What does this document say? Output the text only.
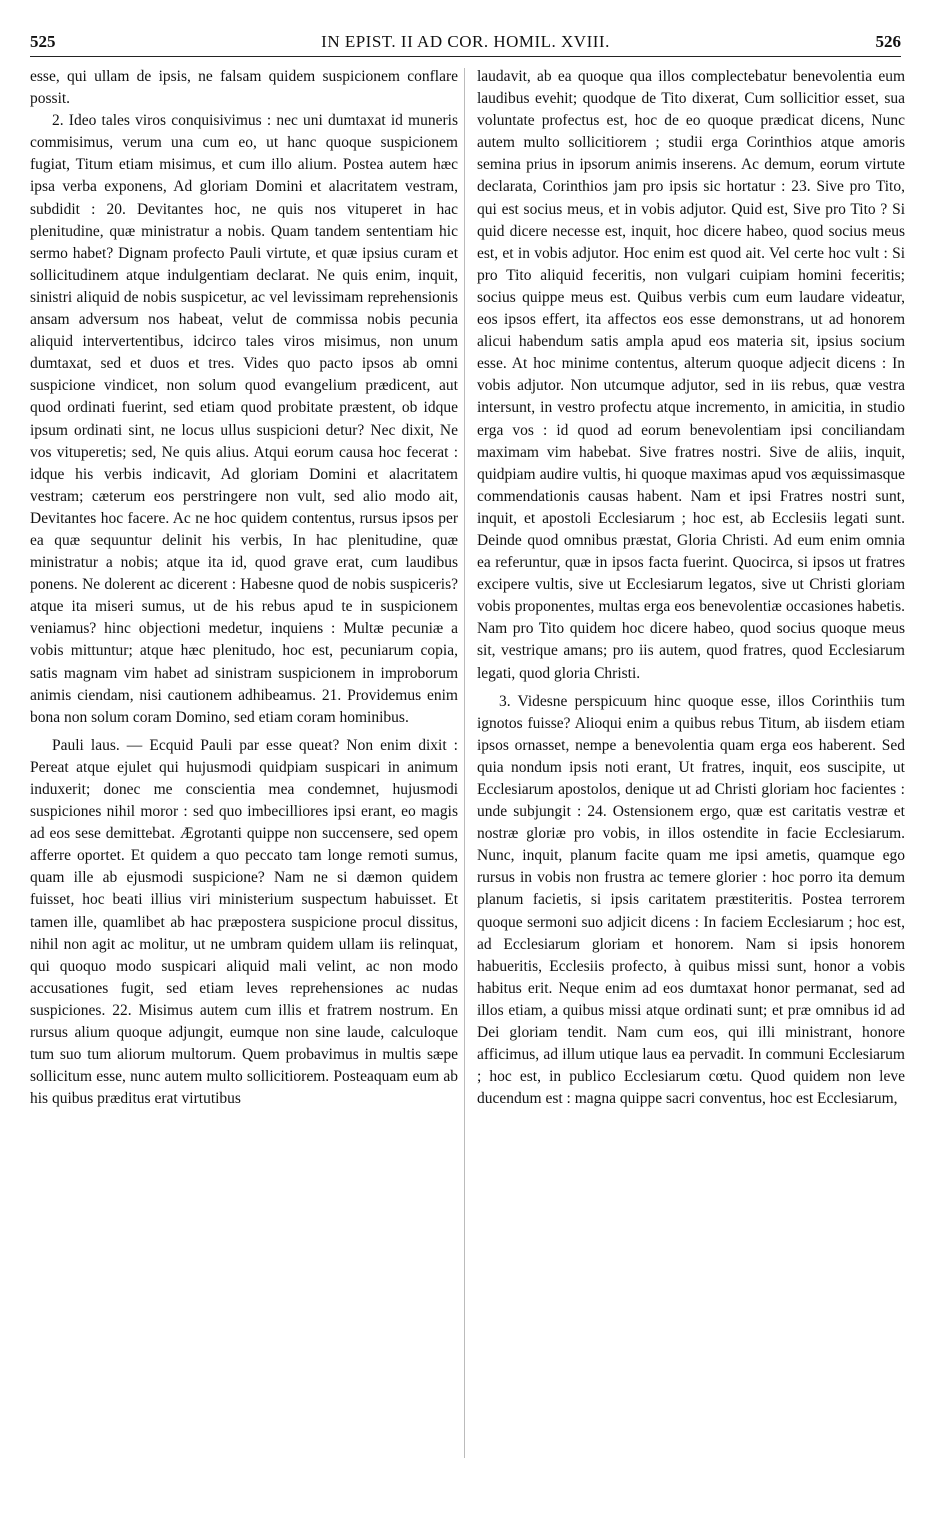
525	IN EPIST. II AD COR. HOMIL. XVIII.	526

esse, qui ullam de ipsis, ne falsam quidem suspicionem conflare possit.

2. Ideo tales viros conquisivimus : nec uni dumtaxat id muneris commisimus, verum una cum eo, ut hanc quoque suspicionem fugiat, Titum etiam misimus, et cum illo alium. Postea autem hæc ipsa verba exponens, Ad gloriam Domini et alacritatem vestram, subdidit : 20. Devitantes hoc, ne quis nos vituperet in hac plenitudine, quæ ministratur a nobis. Quam tandem sententiam hic sermo habet? Dignam profecto Pauli virtute, et quæ ipsius curam et sollicitudinem atque indulgentiam declarat. Ne quis enim, inquit, sinistri aliquid de nobis suspicetur, ac vel levissimam reprehensionis ansam adversum nos habeat, velut de commissa nobis pecunia aliquid intervertentibus, idcirco tales viros misimus, non unum dumtaxat, sed et duos et tres. Vides quo pacto ipsos ab omni suspicione vindicet, non solum quod evangelium prædicent, aut quod ordinati fuerint, sed etiam quod probitate præstent, ob idque ipsum ordinati sint, ne locus ullus suspicioni detur? Nec dixit, Ne vos vituperetis; sed, Ne quis alius. Atqui eorum causa hoc fecerat : idque his verbis indicavit, Ad gloriam Domini et alacritatem vestram; cæterum eos perstringere non vult, sed alio modo ait, Devitantes hoc facere. Ac ne hoc quidem contentus, rursus ipsos per ea quæ sequuntur delinit his verbis, In hac plenitudine, quæ ministratur a nobis; atque ita id, quod grave erat, cum laudibus ponens. Ne dolerent ac dicerent : Habesne quod de nobis suspiceris? atque ita miseri sumus, ut de his rebus apud te in suspicionem veniamus? hinc objectioni medetur, inquiens : Multæ pecuniæ a vobis mittuntur; atque hæc plenitudo, hoc est, pecuniarum copia, satis magnam vim habet ad sinistram suspicionem in improborum animis ciendam, nisi cautionem adhibeamus. 21. Providemus enim bona non solum coram Domino, sed etiam coram hominibus.

Pauli laus. — Ecquid Pauli par esse queat? Non enim dixit : Pereat atque ejulet qui hujusmodi quidpiam suspicari in animum induxerit; donec me conscientia mea condemnet, hujusmodi suspiciones nihil moror : sed quo imbecilliores ipsi erant, eo magis ad eos sese demittebat. Ægrotanti quippe non succensere, sed opem afferre oportet. Et quidem a quo peccato tam longe remoti sumus, quam ille ab ejusmodi suspicione? Nam ne si dæmon quidem fuisset, hoc beati illius viri ministerium suspectum habuisset. Et tamen ille, quamlibet ab hac præpostera suspicione procul dissitus, nihil non agit ac molitur, ut ne umbram quidem ullam iis relinquat, qui quoquo modo suspicari aliquid mali velint, ac non modo accusationes fugit, sed etiam leves reprehensiones ac nudas suspiciones. 22. Misimus autem cum illis et fratrem nostrum. En rursus alium quoque adjungit, eumque non sine laude, calculoque tum suo tum aliorum multorum. Quem probavimus in multis sæpe sollicitum esse, nunc autem multo sollicitiorem. Posteaquam eum ab his quibus præditus erat virtutibus

laudavit, ab ea quoque qua illos complectebatur benevolentia eum laudibus evehit; quodque de Tito dixerat, Cum sollicitior esset, sua voluntate profectus est, hoc de eo quoque prædicat dicens, Nunc autem multo sollicitiorem ; studii erga Corinthios atque amoris semina prius in ipsorum animis inserens. Ac demum, eorum virtute declarata, Corinthios jam pro ipsis sic hortatur : 23. Sive pro Tito, qui est socius meus, et in vobis adjutor. Quid est, Sive pro Tito ? Si quid dicere necesse est, inquit, hoc dicere habeo, quod socius meus est, et in vobis adjutor. Hoc enim est quod ait. Vel certe hoc vult : Si pro Tito aliquid feceritis, non vulgari cuipiam homini feceritis; socius quippe meus est. Quibus verbis cum eum laudare videatur, eos ipsos effert, ita affectos eos esse demonstrans, ut ad honorem alicui habendum satis ampla apud eos materia sit, ipsius socium esse. At hoc minime contentus, alterum quoque adjecit dicens : In vobis adjutor. Non utcumque adjutor, sed in iis rebus, quæ vestra intersunt, in vestro profectu atque incremento, in amicitia, in studio erga vos : id quod ad eorum benevolentiam ipsi conciliandam maximam vim habebat. Sive fratres nostri. Sive de aliis, inquit, quidpiam audire vultis, hi quoque maximas apud vos æquissimasque commendationis causas habent. Nam et ipsi Fratres nostri sunt, inquit, et apostoli Ecclesiarum ; hoc est, ab Ecclesiis legati sunt. Deinde quod omnibus præstat, Gloria Christi. Ad eum enim omnia ea referuntur, quæ in ipsos facta fuerint. Quocirca, si ipsos ut fratres excipere vultis, sive ut Ecclesiarum legatos, sive ut Christi gloriam vobis proponentes, multas erga eos benevolentiæ occasiones habetis. Nam pro Tito quidem hoc dicere habeo, quod socius quoque meus sit, vestrique amans; pro iis autem, quod fratres, quod Ecclesiarum legati, quod gloria Christi.

3. Videsne perspicuum hinc quoque esse, illos Corinthiis tum ignotos fuisse? Alioqui enim a quibus rebus Titum, ab iisdem etiam ipsos ornasset, nempe a benevolentia quam erga eos haberent. Sed quia nondum ipsis noti erant, Ut fratres, inquit, eos suscipite, ut Ecclesiarum apostolos, denique ut ad Christi gloriam hoc facientes : unde subjungit : 24. Ostensionem ergo, quæ est caritatis vestræ et nostræ gloriæ pro vobis, in illos ostendite in facie Ecclesiarum. Nunc, inquit, planum facite quam me ipsi ametis, quamque ego rursus in vobis non frustra ac temere glorier : hoc porro ita demum planum facietis, si ipsis caritatem præstiteritis. Postea terrorem quoque sermoni suo adjicit dicens : In faciem Ecclesiarum ; hoc est, ad Ecclesiarum gloriam et honorem. Nam si ipsis honorem habueritis, Ecclesiis profecto, à quibus missi sunt, honor a vobis habitus erit. Neque enim ad eos dumtaxat honor permanat, sed ad illos etiam, a quibus missi atque ordinati sunt; et præ omnibus id ad Dei gloriam tendit. Nam cum eos, qui illi ministrant, honore afficimus, ad illum utique laus ea pervadit. In communi Ecclesiarum ; hoc est, in publico Ecclesiarum cœtu. Quod quidem non leve ducendum est : magna quippe sacri conventus, hoc est Ecclesiarum,
